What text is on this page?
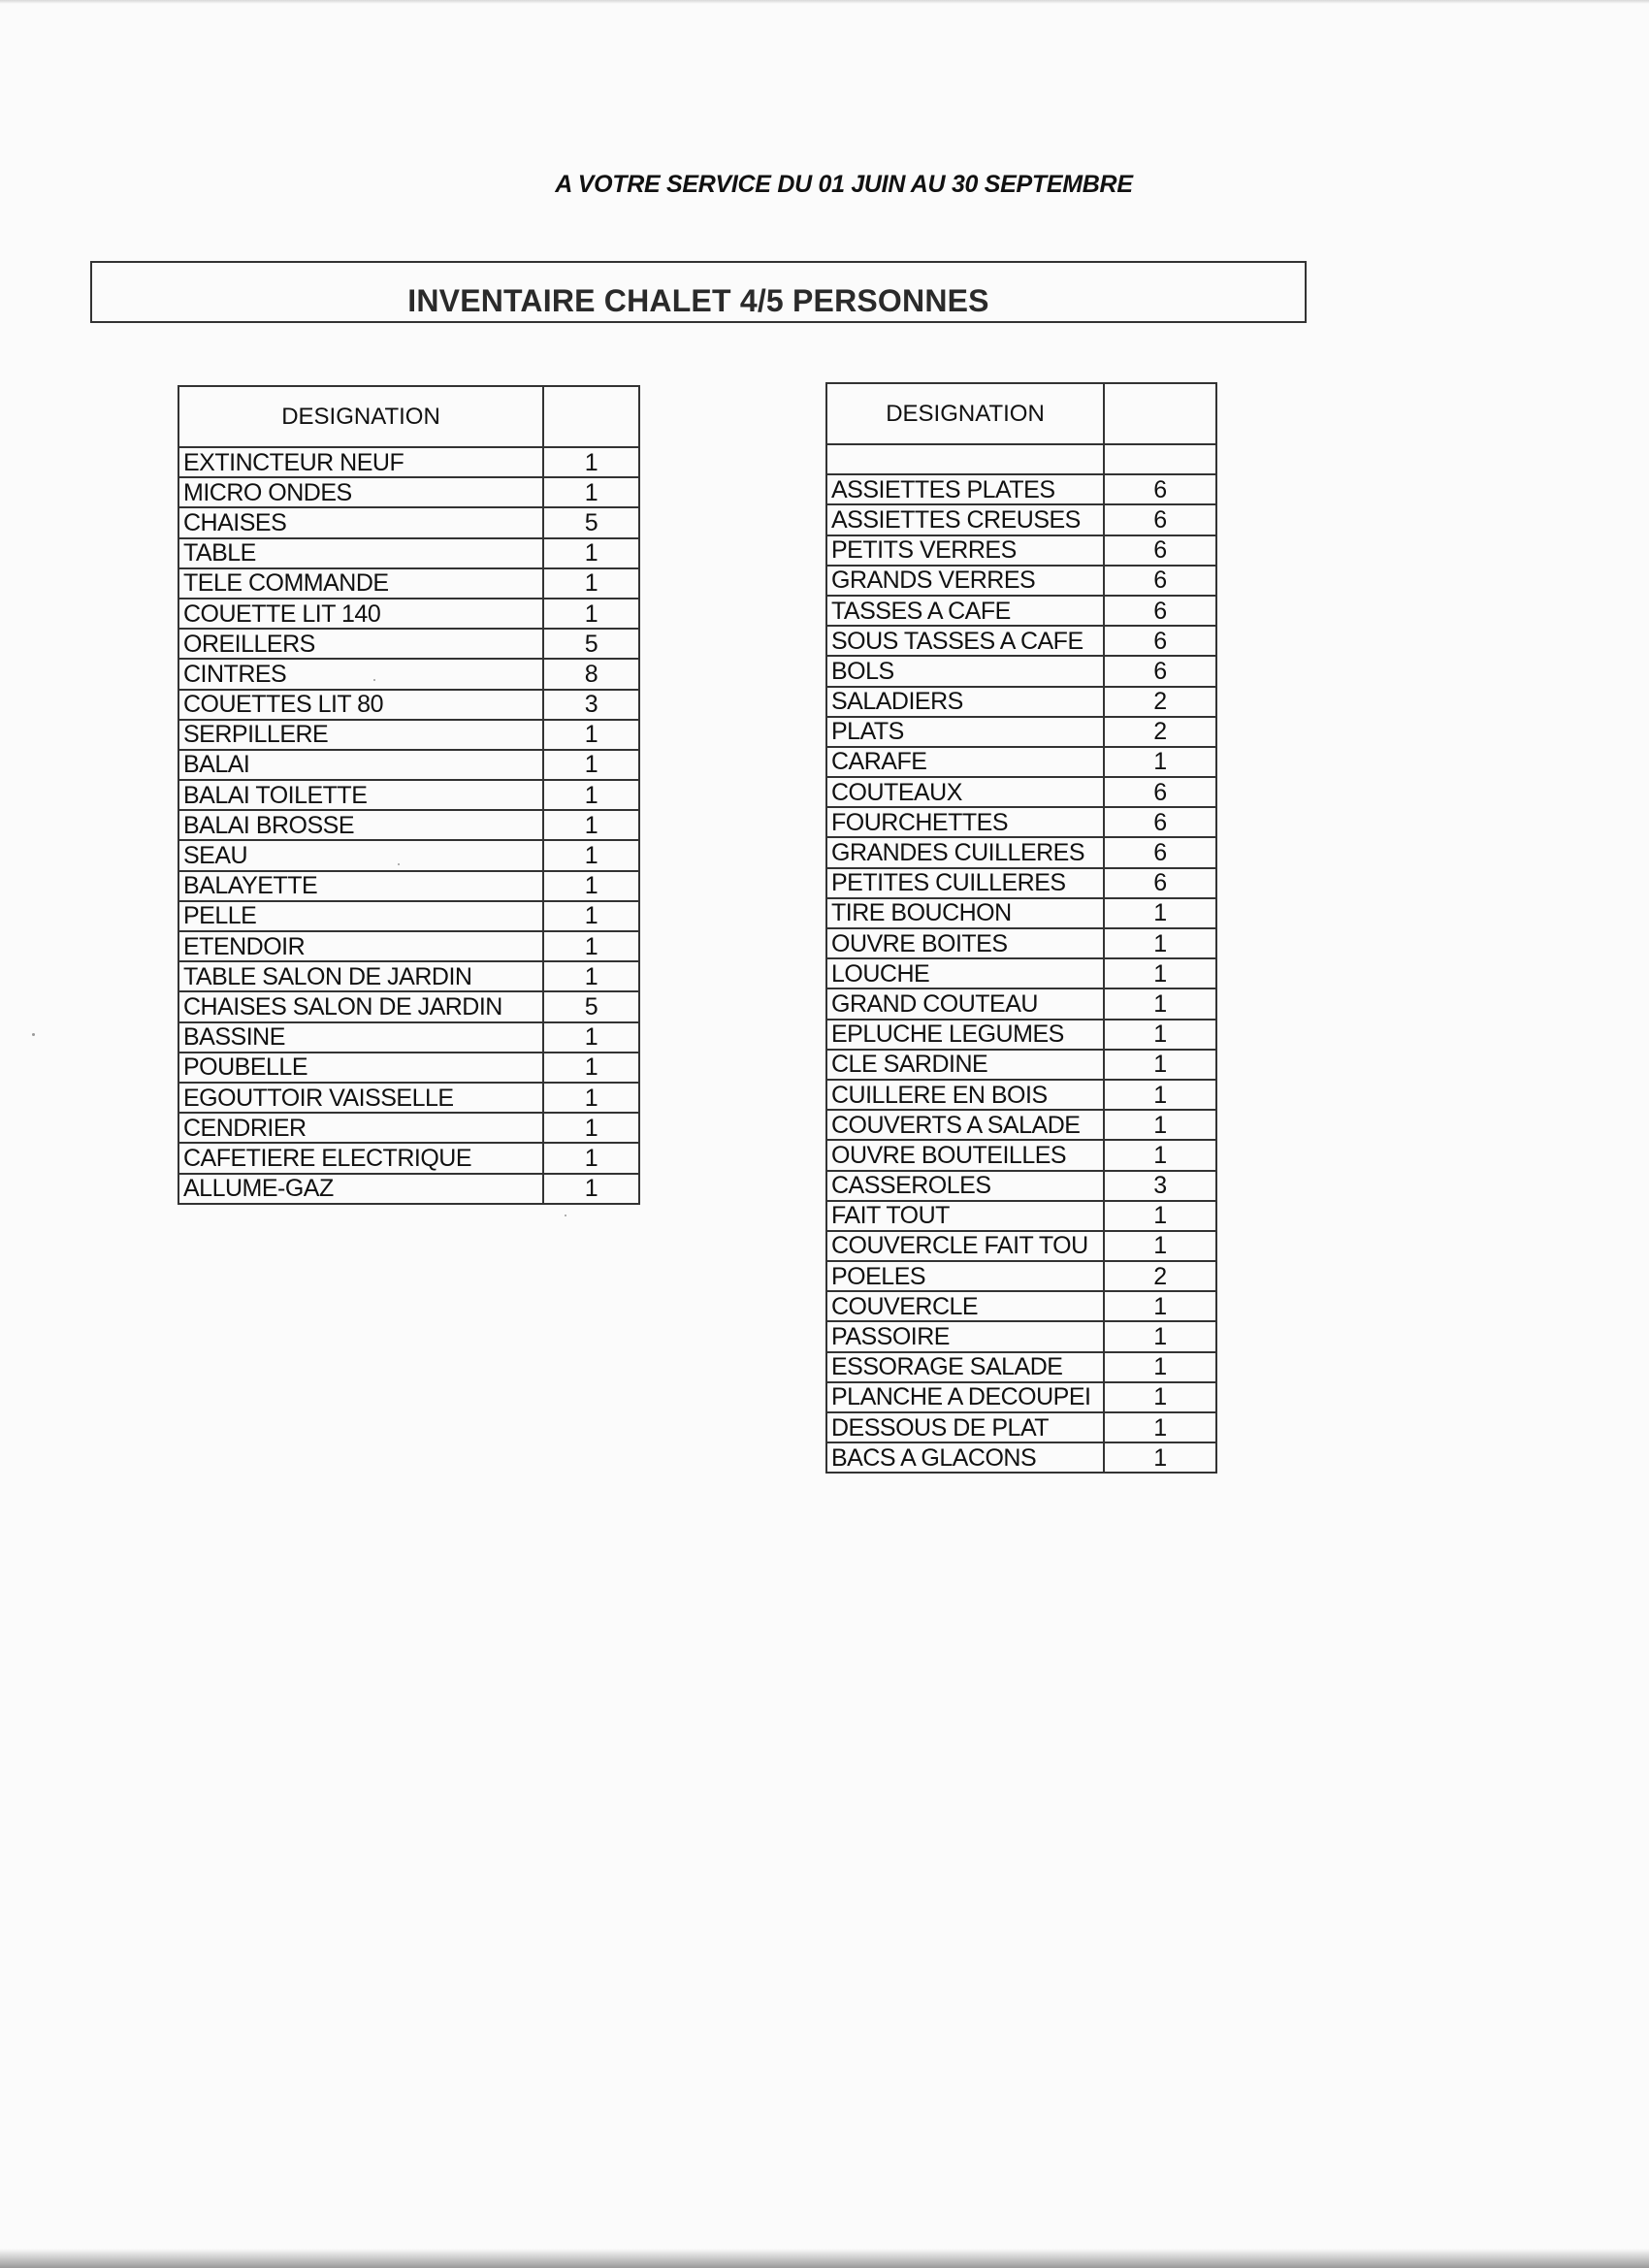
A VOTRE SERVICE DU 01 JUIN AU 30 SEPTEMBRE
INVENTAIRE CHALET 4/5 PERSONNES
DESIGNATION	
EXTINCTEUR NEUF	1
MICRO ONDES	1
CHAISES	5
TABLE	1
TELE COMMANDE	1
COUETTE LIT 140	1
OREILLERS	5
CINTRES	8
COUETTES LIT 80	3
SERPILLERE	1
BALAI	1
BALAI TOILETTE	1
BALAI BROSSE	1
SEAU	1
BALAYETTE	1
PELLE	1
ETENDOIR	1
TABLE SALON DE JARDIN	1
CHAISES SALON DE JARDIN	5
BASSINE	1
POUBELLE	1
EGOUTTOIR VAISSELLE	1
CENDRIER	1
CAFETIERE ELECTRIQUE	1
ALLUME-GAZ	1
DESIGNATION	

ASSIETTES PLATES	6
ASSIETTES CREUSES	6
PETITS VERRES	6
GRANDS VERRES	6
TASSES A CAFE	6
SOUS TASSES A CAFE	6
BOLS	6
SALADIERS	2
PLATS	2
CARAFE	1
COUTEAUX	6
FOURCHETTES	6
GRANDES CUILLERES	6
PETITES CUILLERES	6
TIRE BOUCHON	1
OUVRE BOITES	1
LOUCHE	1
GRAND COUTEAU	1
EPLUCHE LEGUMES	1
CLE SARDINE	1
CUILLERE EN BOIS	1
COUVERTS A SALADE	1
OUVRE BOUTEILLES	1
CASSEROLES	3
FAIT TOUT	1
COUVERCLE FAIT TOU	1
POELES	2
COUVERCLE	1
PASSOIRE	1
ESSORAGE SALADE	1
PLANCHE A DECOUPEI	1
DESSOUS DE PLAT	1
BACS A GLACONS	1
